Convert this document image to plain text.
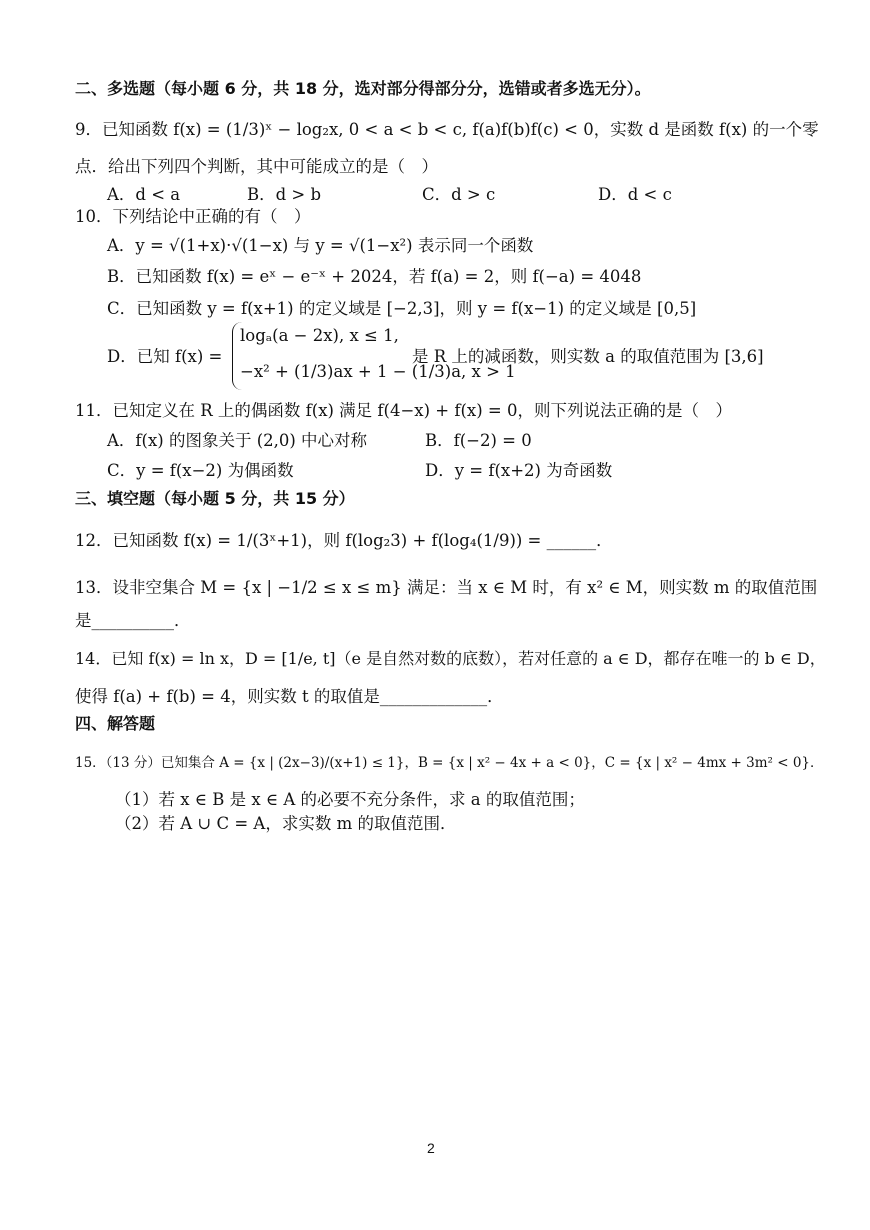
二、多选题（每小题 6 分，共 18 分，选对部分得部分分，选错或者多选无分）。
9．已知函数 f(x) = (1/3)ˣ − log₂x, 0 < a < b < c, f(a)f(b)f(c) < 0，实数 d 是函数 f(x) 的一个零
点．给出下列四个判断，其中可能成立的是（　）
A．d < a	B．d > b	C．d > c	D．d < c
10．下列结论中正确的有（　）
A．y = √(1+x)·√(1−x) 与 y = √(1−x²) 表示同一个函数
B．已知函数 f(x) = eˣ − e⁻ˣ + 2024，若 f(a) = 2，则 f(−a) = 4048
C．已知函数 y = f(x+1) 的定义域是 [−2,3]，则 y = f(x−1) 的定义域是 [0,5]
D．已知 f(x) =
logₐ(a − 2x), x ≤ 1,
−x² + (1/3)ax + 1 − (1/3)a, x > 1
是 R 上的减函数，则实数 a 的取值范围为 [3,6]
11．已知定义在 R 上的偶函数 f(x) 满足 f(4−x) + f(x) = 0，则下列说法正确的是（　）
A．f(x) 的图象关于 (2,0) 中心对称	B．f(−2) = 0
C．y = f(x−2) 为偶函数	D．y = f(x+2) 为奇函数
三、填空题（每小题 5 分，共 15 分）
12．已知函数 f(x) = 1/(3ˣ+1)，则 f(log₂3) + f(log₄(1/9)) = ______．
13．设非空集合 M = {x | −1/2 ≤ x ≤ m} 满足：当 x ∈ M 时，有 x² ∈ M，则实数 m 的取值范围
是__________．
14．已知 f(x) = ln x，D = [1/e, t]（e 是自然对数的底数），若对任意的 a ∈ D，都存在唯一的 b ∈ D，
使得 f(a) + f(b) = 4，则实数 t 的取值是_____________．
四、解答题
15．（13 分）已知集合 A = {x | (2x−3)/(x+1) ≤ 1}，B = {x | x² − 4x + a < 0}，C = {x | x² − 4mx + 3m² < 0}．
（1）若 x ∈ B 是 x ∈ A 的必要不充分条件，求 a 的取值范围；
（2）若 A ∪ C = A，求实数 m 的取值范围．
2
